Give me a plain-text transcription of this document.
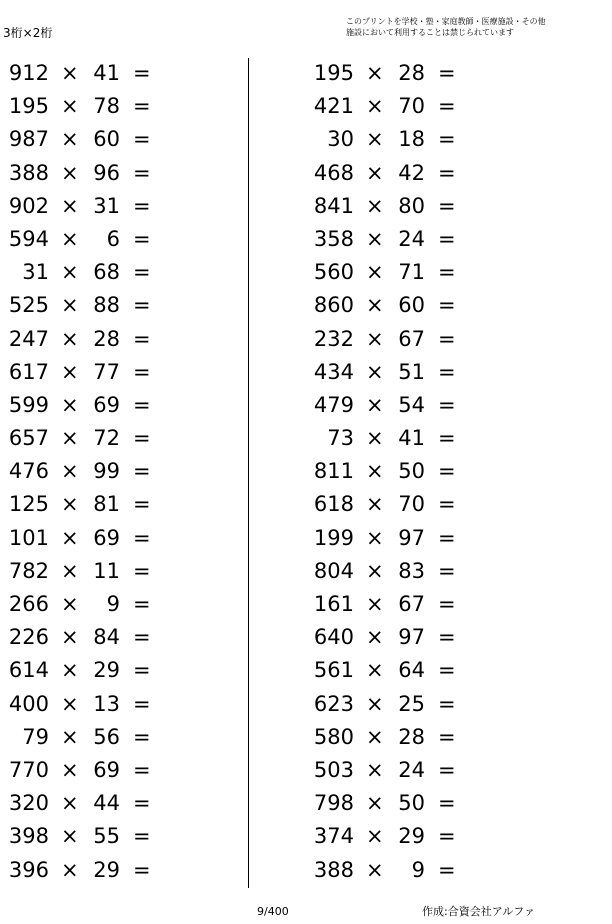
3桁×2桁
このプリントを学校・塾・家庭教師・医療施設・その他
施設において利用することは禁じられています
912 × 41 =
195 × 78 =
987 × 60 =
388 × 96 =
902 × 31 =
594 × 6 =
31 × 68 =
525 × 88 =
247 × 28 =
617 × 77 =
599 × 69 =
657 × 72 =
476 × 99 =
125 × 81 =
101 × 69 =
782 × 11 =
266 × 9 =
226 × 84 =
614 × 29 =
400 × 13 =
79 × 56 =
770 × 69 =
320 × 44 =
398 × 55 =
396 × 29 =
195 × 28 =
421 × 70 =
30 × 18 =
468 × 42 =
841 × 80 =
358 × 24 =
560 × 71 =
860 × 60 =
232 × 67 =
434 × 51 =
479 × 54 =
73 × 41 =
811 × 50 =
618 × 70 =
199 × 97 =
804 × 83 =
161 × 67 =
640 × 97 =
561 × 64 =
623 × 25 =
580 × 28 =
503 × 24 =
798 × 50 =
374 × 29 =
388 × 9 =
9/400	作成:合資会社アルファ
